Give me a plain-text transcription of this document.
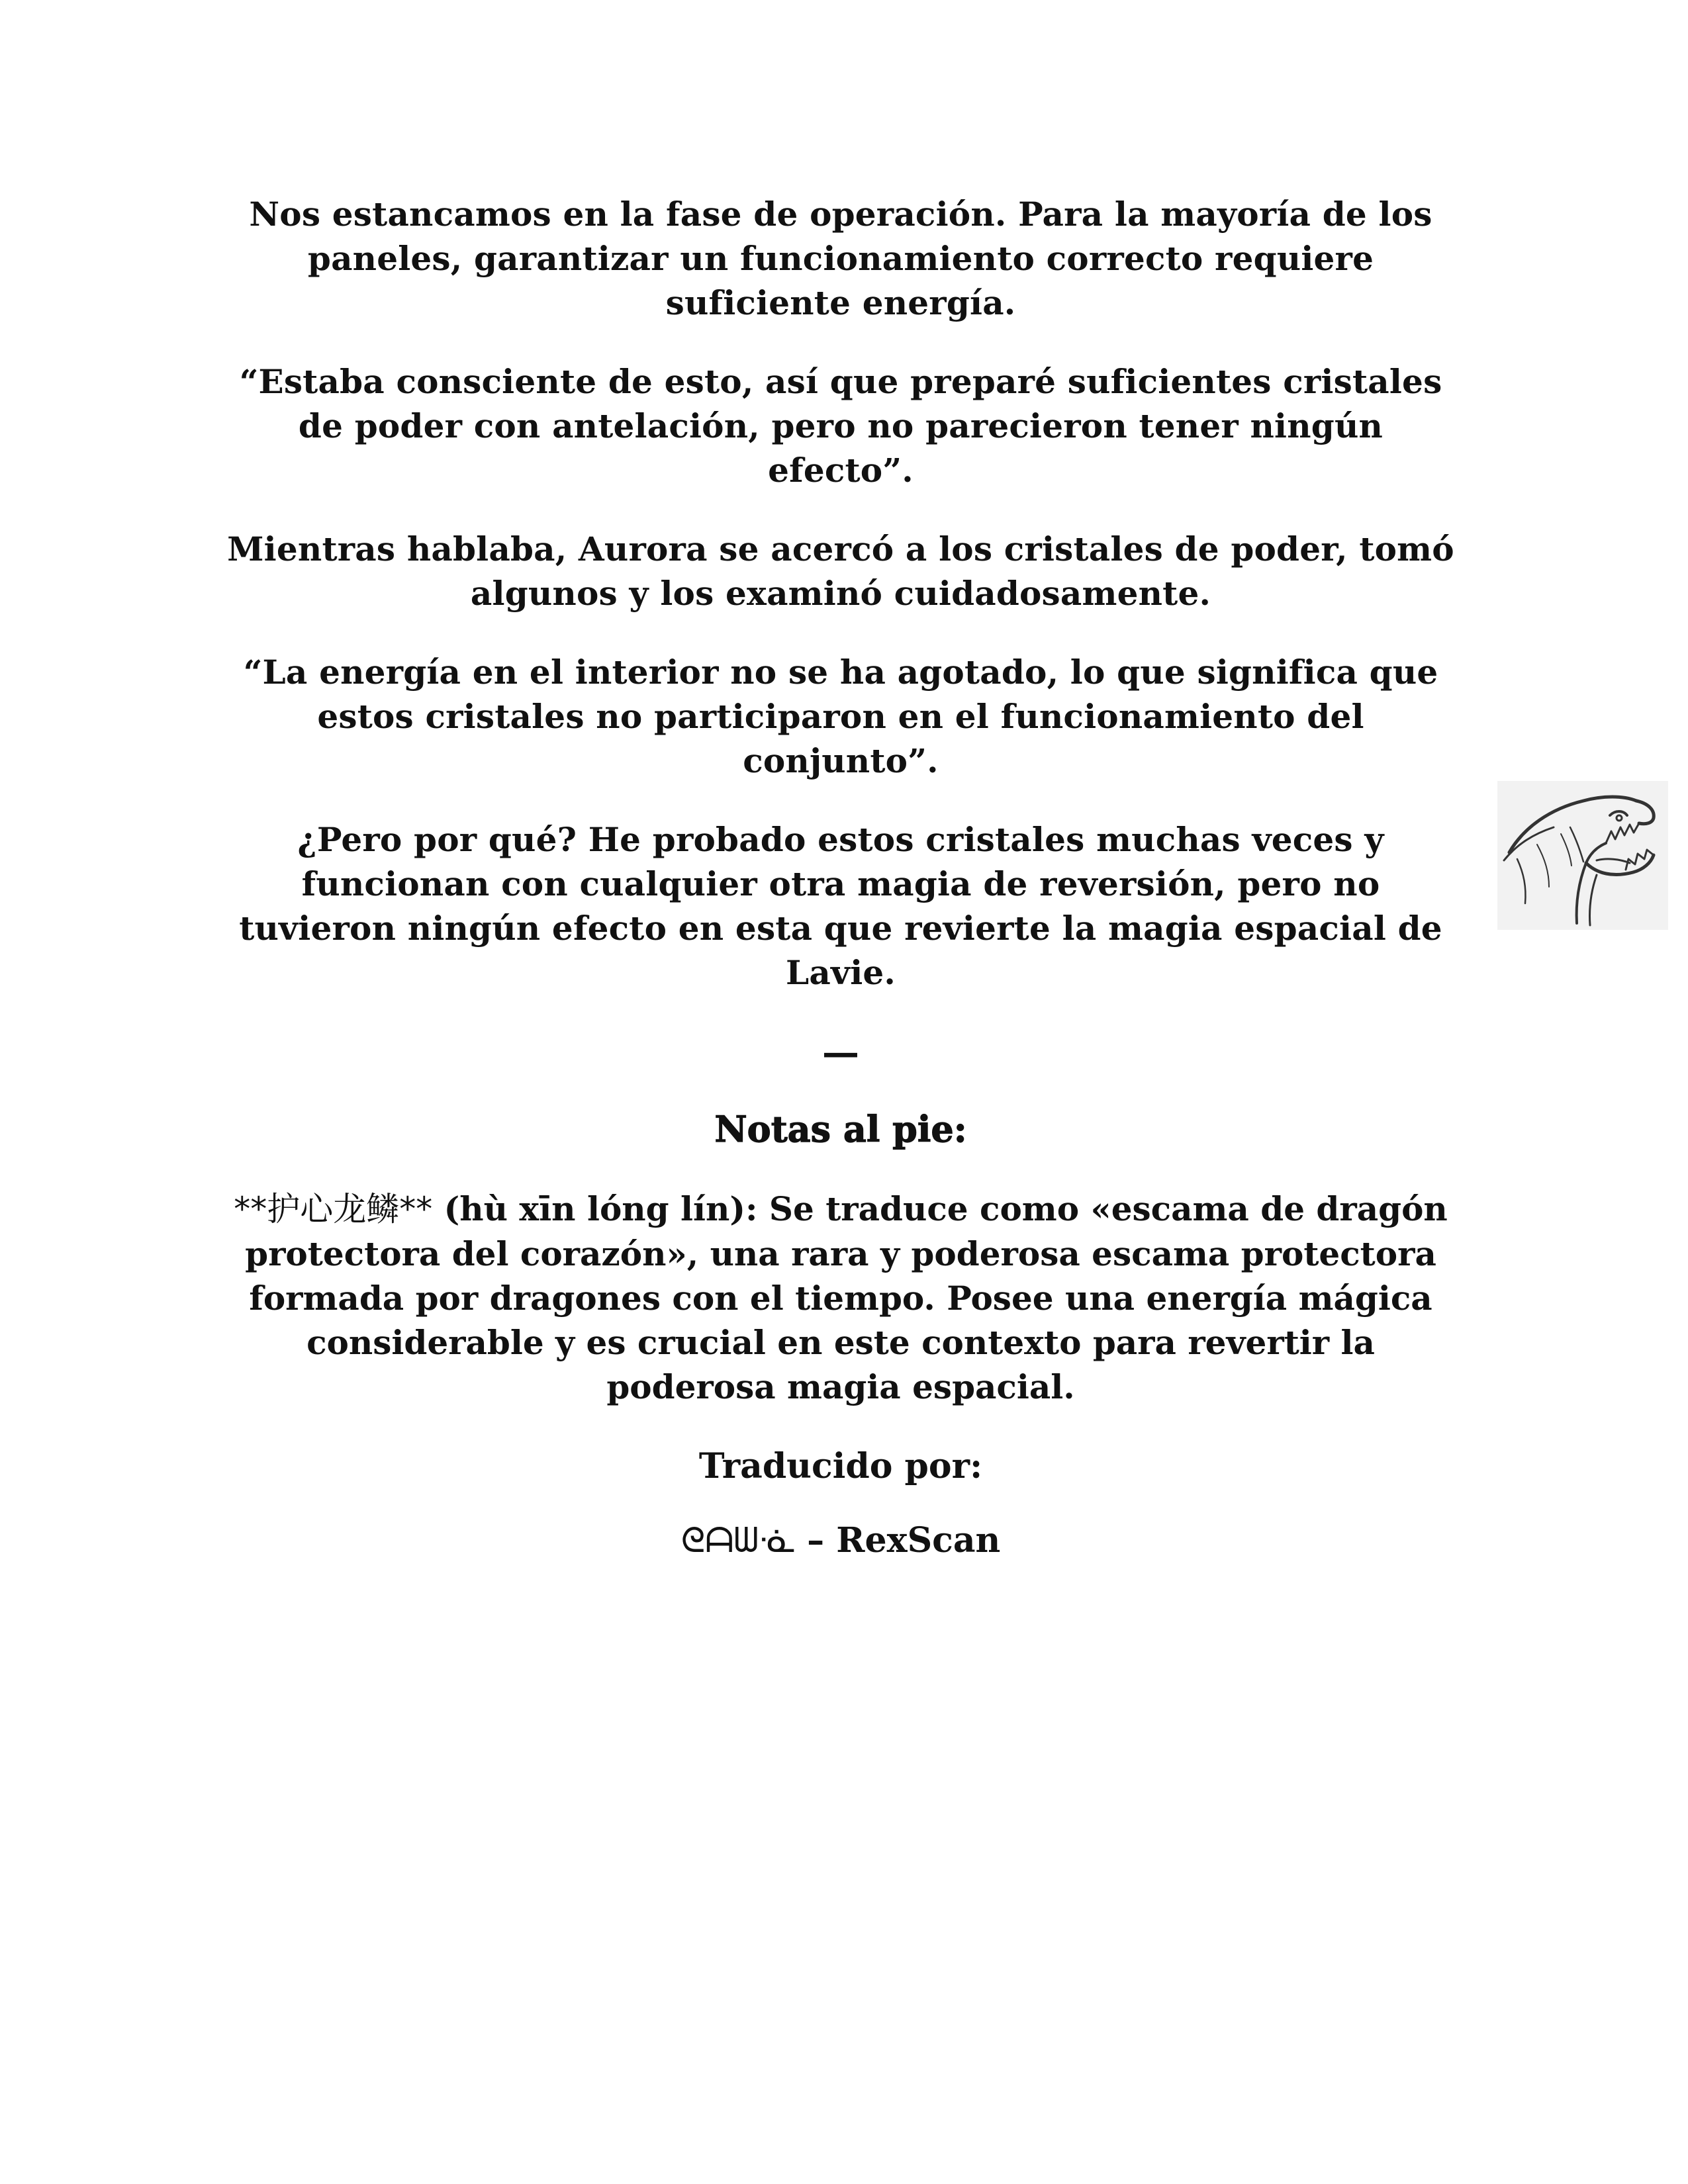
Nos estancamos en la fase de operación. Para la mayoría de los paneles, garantizar un funcionamiento correcto requiere suficiente energía.

“Estaba consciente de esto, así que preparé suficientes cristales de poder con antelación, pero no parecieron tener ningún efecto”.

Mientras hablaba, Aurora se acercó a los cristales de poder, tomó algunos y los examinó cuidadosamente.

“La energía en el interior no se ha agotado, lo que significa que estos cristales no participaron en el funcionamiento del conjunto”.

¿Pero por qué? He probado estos cristales muchas veces y funcionan con cualquier otra magia de reversión, pero no tuvieron ningún efecto en esta que revierte la magia espacial de Lavie.

—
Notas al pie:

**护心龙鳞** (hù xīn lóng lín): Se traduce como «escama de dragón protectora del corazón», una rara y poderosa escama protectora formada por dragones con el tiempo. Posee una energía mágica considerable y es crucial en este contexto para revertir la poderosa magia espacial.

Traducido por:
ᘓᗩᗯᓍ – RexScan
